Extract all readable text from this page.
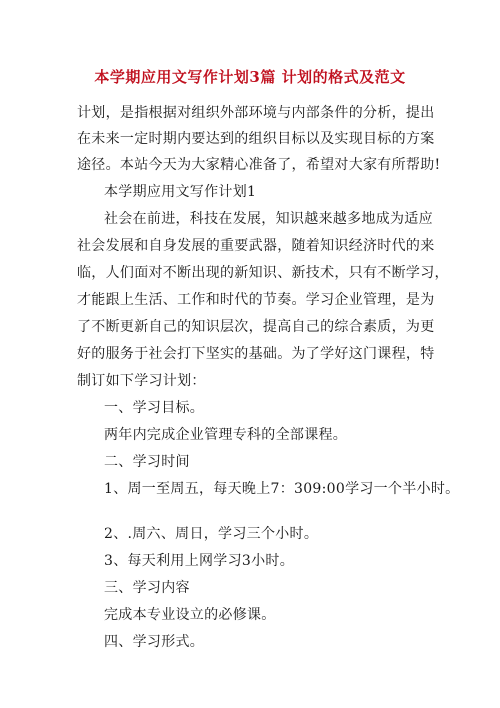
本学期应用文写作计划3篇 计划的格式及范文
计划，是指根据对组织外部环境与内部条件的分析，提出
在未来一定时期内要达到的组织目标以及实现目标的方案
途径。本站今天为大家精心准备了，希望对大家有所帮助!
本学期应用文写作计划1
社会在前进，科技在发展，知识越来越多地成为适应
社会发展和自身发展的重要武器，随着知识经济时代的来
临，人们面对不断出现的新知识、新技术，只有不断学习，
才能跟上生活、工作和时代的节奏。学习企业管理，是为
了不断更新自己的知识层次，提高自己的综合素质，为更
好的服务于社会打下坚实的基础。为了学好这门课程，特
制订如下学习计划：
一、学习目标。
两年内完成企业管理专科的全部课程。
二、学习时间
1、周一至周五，每天晚上7：309:00学习一个半小时。
2、.周六、周日，学习三个小时。
3、每天利用上网学习3小时。
三、学习内容
完成本专业设立的必修课。
四、学习形式。
